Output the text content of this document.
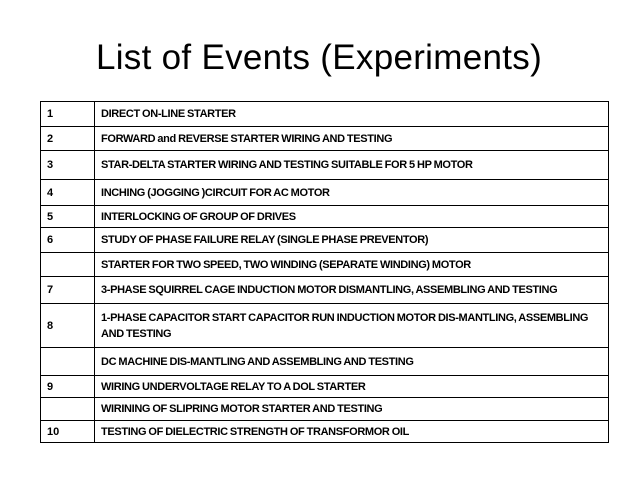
List of Events (Experiments)
1	DIRECT ON-LINE STARTER
2	FORWARD and REVERSE STARTER WIRING AND TESTING
3	STAR-DELTA STARTER WIRING AND TESTING SUITABLE FOR 5 HP MOTOR
4	INCHING (JOGGING )CIRCUIT FOR AC MOTOR
5	INTERLOCKING OF GROUP OF DRIVES
6	STUDY OF PHASE FAILURE RELAY (SINGLE PHASE PREVENTOR)
	STARTER FOR TWO SPEED, TWO WINDING (SEPARATE WINDING) MOTOR
7	3-PHASE SQUIRREL CAGE INDUCTION MOTOR DISMANTLING, ASSEMBLING AND TESTING
8	1-PHASE CAPACITOR START CAPACITOR RUN INDUCTION MOTOR DIS-MANTLING, ASSEMBLING AND TESTING
	DC MACHINE DIS-MANTLING AND ASSEMBLING AND TESTING
9	WIRING UNDERVOLTAGE RELAY TO A DOL STARTER
	WIRINING OF SLIPRING MOTOR STARTER AND TESTING
10	TESTING OF DIELECTRIC STRENGTH OF TRANSFORMOR OIL
